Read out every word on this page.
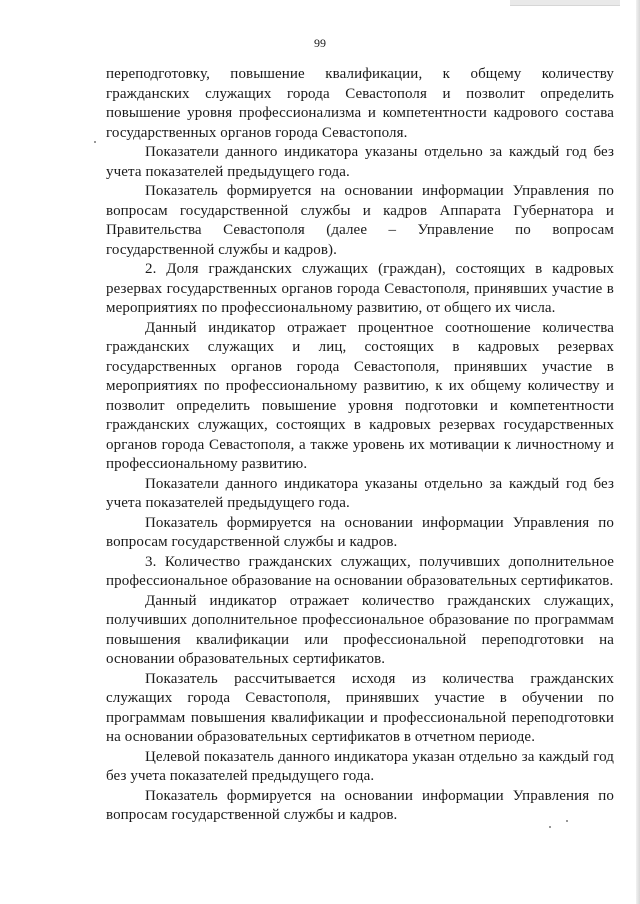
99

переподготовку, повышение квалификации, к общему количеству гражданских служащих города Севастополя и позволит определить повышение уровня профессионализма и компетентности кадрового состава государственных органов города Севастополя.

Показатели данного индикатора указаны отдельно за каждый год без учета показателей предыдущего года.

Показатель формируется на основании информации Управления по вопросам государственной службы и кадров Аппарата Губернатора и Правительства Севастополя (далее – Управление по вопросам государственной службы и кадров).

2. Доля гражданских служащих (граждан), состоящих в кадровых резервах государственных органов города Севастополя, принявших участие в мероприятиях по профессиональному развитию, от общего их числа.

Данный индикатор отражает процентное соотношение количества гражданских служащих и лиц, состоящих в кадровых резервах государственных органов города Севастополя, принявших участие в мероприятиях по профессиональному развитию, к их общему количеству и позволит определить повышение уровня подготовки и компетентности гражданских служащих, состоящих в кадровых резервах государственных органов города Севастополя, а также уровень их мотивации к личностному и профессиональному развитию.

Показатели данного индикатора указаны отдельно за каждый год без учета показателей предыдущего года.

Показатель формируется на основании информации Управления по вопросам государственной службы и кадров.

3. Количество гражданских служащих, получивших дополнительное профессиональное образование на основании образовательных сертификатов.

Данный индикатор отражает количество гражданских служащих, получивших дополнительное профессиональное образование по программам повышения квалификации или профессиональной переподготовки на основании образовательных сертификатов.

Показатель рассчитывается исходя из количества гражданских служащих города Севастополя, принявших участие в обучении по программам повышения квалификации и профессиональной переподготовки на основании образовательных сертификатов в отчетном периоде.

Целевой показатель данного индикатора указан отдельно за каждый год без учета показателей предыдущего года.

Показатель формируется на основании информации Управления по вопросам государственной службы и кадров.
